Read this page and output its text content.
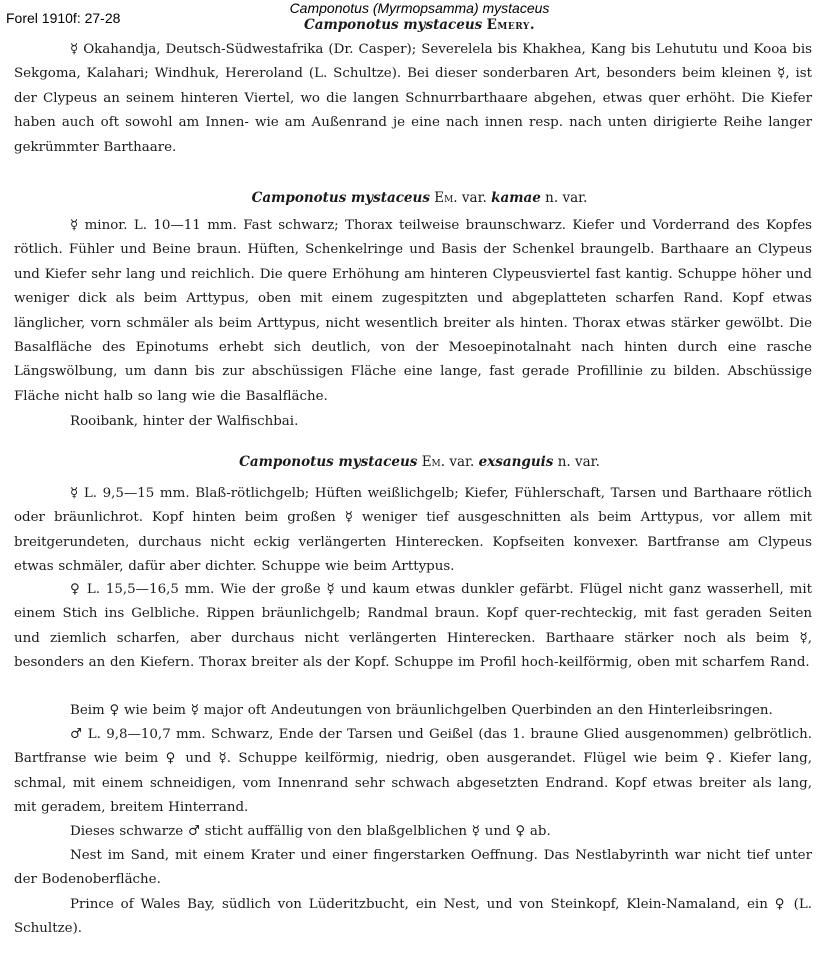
Forel 1910f: 27-28
Camponotus (Myrmopsamma) mystaceus
Camponotus mystaceus Emery.
☿ Okahandja, Deutsch-Südwestafrika (Dr. Casper); Severelela bis Khakhea, Kang bis Lehututu und Kooa bis Sekgoma, Kalahari; Windhuk, Hereroland (L. Schultze). Bei dieser sonderbaren Art, besonders beim kleinen ☿, ist der Clypeus an seinem hinteren Viertel, wo die langen Schnurrbarthaare abgehen, etwas quer erhöht. Die Kiefer haben auch oft sowohl am Innen- wie am Außenrand je eine nach innen resp. nach unten dirigierte Reihe langer gekrümmter Barthaare.
Camponotus mystaceus Em. var. kamae n. var.
☿ minor. L. 10—11 mm. Fast schwarz; Thorax teilweise braunschwarz. Kiefer und Vorderrand des Kopfes rötlich. Fühler und Beine braun. Hüften, Schenkelringe und Basis der Schenkel braungelb. Barthaare an Clypeus und Kiefer sehr lang und reichlich. Die quere Erhöhung am hinteren Clypeusviertel fast kantig. Schuppe höher und weniger dick als beim Arttypus, oben mit einem zugespitzten und abgeplatteten scharfen Rand. Kopf etwas länglicher, vorn schmäler als beim Arttypus, nicht wesentlich breiter als hinten. Thorax etwas stärker gewölbt. Die Basalfläche des Epinotums erhebt sich deutlich, von der Mesoepinotalnaht nach hinten durch eine rasche Längswölbung, um dann bis zur abschüssigen Fläche eine lange, fast gerade Profillinie zu bilden. Abschüssige Fläche nicht halb so lang wie die Basalfläche.
Rooibank, hinter der Walfischbai.
Camponotus mystaceus Em. var. exsanguis n. var.
☿ L. 9,5—15 mm. Blaß-rötlichgelb; Hüften weißlichgelb; Kiefer, Fühlerschaft, Tarsen und Barthaare rötlich oder bräunlichrot. Kopf hinten beim großen ☿ weniger tief ausgeschnitten als beim Arttypus, vor allem mit breitgerundeten, durchaus nicht eckig verlängerten Hinterecken. Kopfseiten konvexer. Bartfranse am Clypeus etwas schmäler, dafür aber dichter. Schuppe wie beim Arttypus.
♀ L. 15,5—16,5 mm. Wie der große ☿ und kaum etwas dunkler gefärbt. Flügel nicht ganz wasserhell, mit einem Stich ins Gelbliche. Rippen bräunlichgelb; Randmal braun. Kopf quer-rechteckig, mit fast geraden Seiten und ziemlich scharfen, aber durchaus nicht verlängerten Hinterecken. Barthaare stärker noch als beim ☿, besonders an den Kiefern. Thorax breiter als der Kopf. Schuppe im Profil hoch-keilförmig, oben mit scharfem Rand.
Beim ♀ wie beim ☿ major oft Andeutungen von bräunlichgelben Querbinden an den Hinterleibsringen.
♂ L. 9,8—10,7 mm. Schwarz, Ende der Tarsen und Geißel (das 1. braune Glied ausgenommen) gelbrötlich. Bartfranse wie beim ♀ und ☿. Schuppe keilförmig, niedrig, oben ausgerandet. Flügel wie beim ♀. Kiefer lang, schmal, mit einem schneidigen, vom Innenrand sehr schwach abgesetzten Endrand. Kopf etwas breiter als lang, mit geradem, breitem Hinterrand.
Dieses schwarze ♂ sticht auffällig von den blaßgelblichen ☿ und ♀ ab.
Nest im Sand, mit einem Krater und einer fingerstarken Oeffnung. Das Nestlabyrinth war nicht tief unter der Bodenoberfläche.
Prince of Wales Bay, südlich von Lüderitzbucht, ein Nest, und von Steinkopf, Klein-Namaland, ein ♀ (L. Schultze).
